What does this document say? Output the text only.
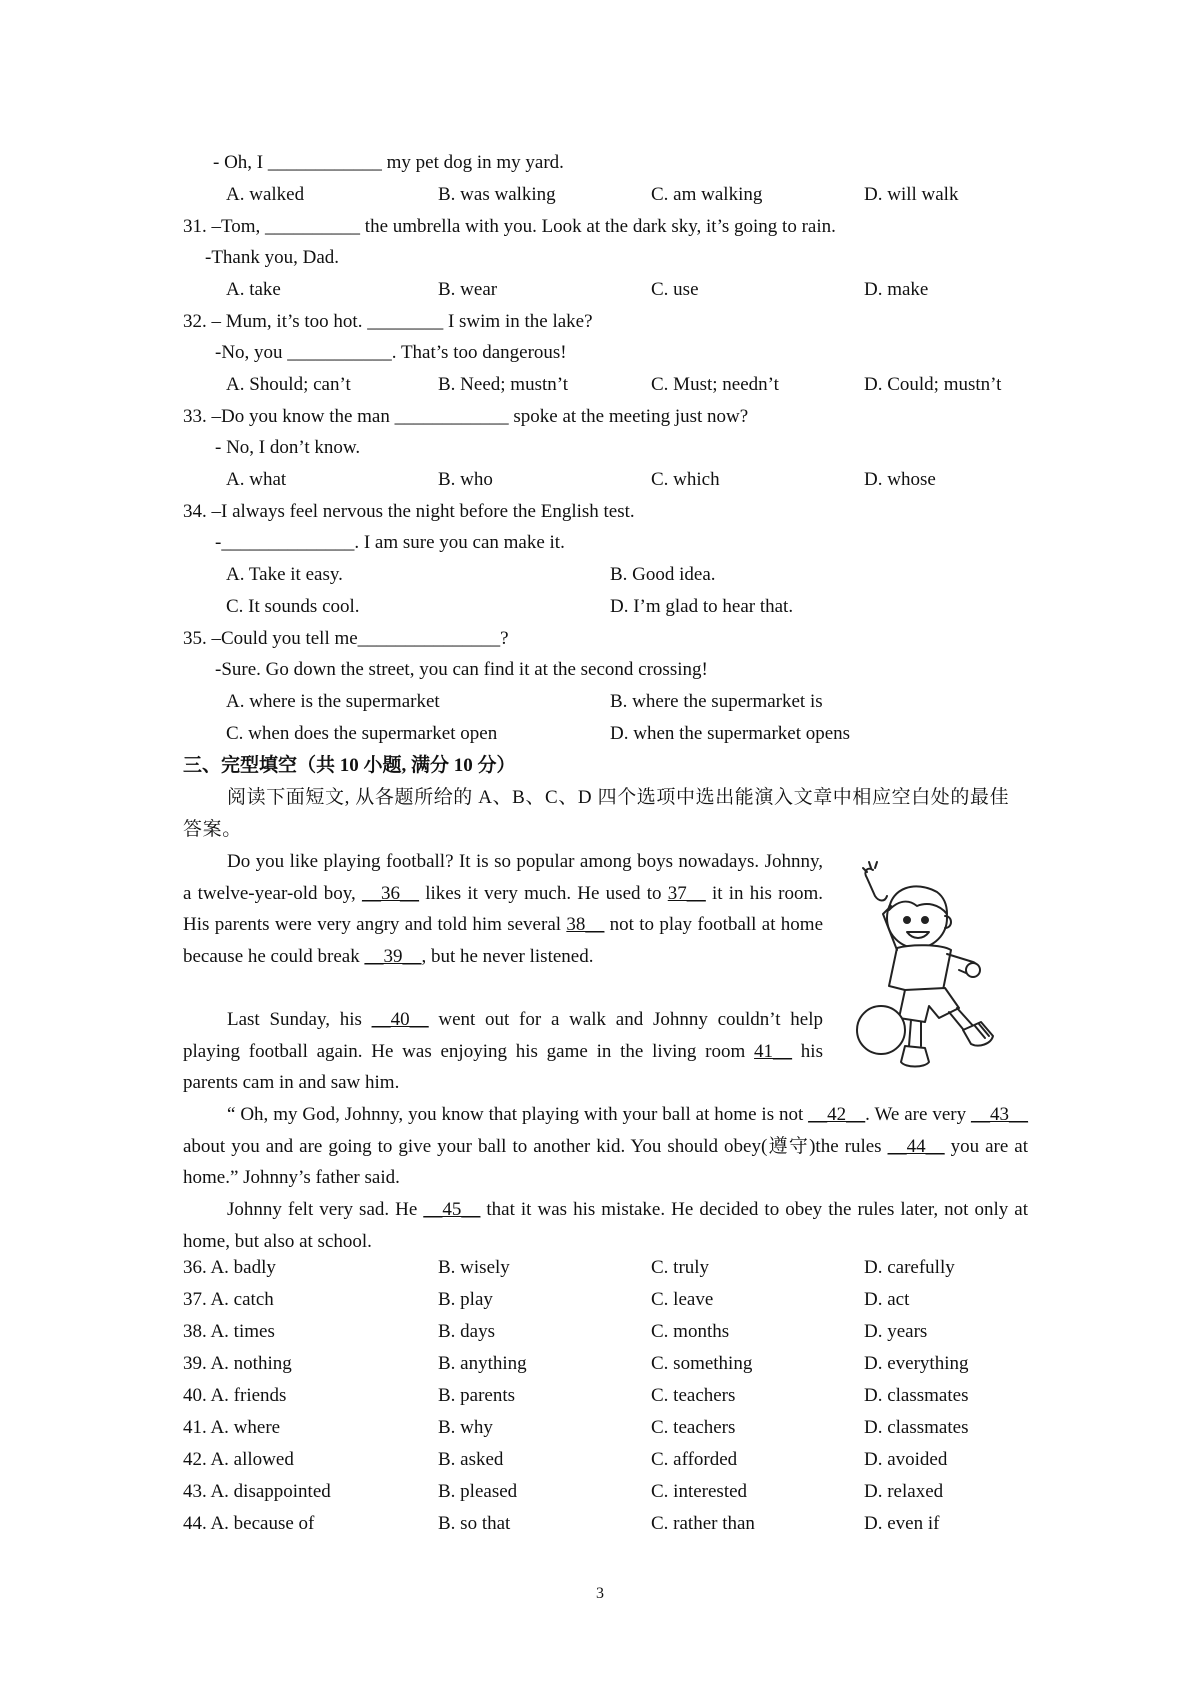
- Oh, I ____________ my pet dog in my yard.
A. walked	B. was walking	C. am walking	D. will walk
31. –Tom, __________ the umbrella with you. Look at the dark sky, it’s going to rain.
-Thank you, Dad.
A. take	B. wear	C. use	D. make
32. – Mum, it’s too hot. ________ I swim in the lake?
-No, you ___________. That’s too dangerous!
A. Should; can’t	B. Need; mustn’t	C. Must; needn’t	D. Could; mustn’t
33. –Do you know the man ____________ spoke at the meeting just now?
- No, I don’t know.
A. what	B. who	C. which	D. whose
34. –I always feel nervous the night before the English test.
-______________. I am sure you can make it.
A. Take it easy.	B. Good idea.
C. It sounds cool.	D. I’m glad to hear that.
35. –Could you tell me_______________?
-Sure. Go down the street, you can find it at the second crossing!
A. where is the supermarket	B. where the supermarket is
C. when does the supermarket open	D. when the supermarket opens
三、完型填空（共 10 小题, 满分 10 分）

阅读下面短文, 从各题所给的 A、B、C、D 四个选项中选出能演入文章中相应空白处的最佳答案。

Do you like playing football? It is so popular among boys nowadays. Johnny, a twelve-year-old boy, __36__ likes it very much. He used to 37__ it in his room. His parents were very angry and told him several 38__ not to play football at home because he could break __39__, but he never listened.

Last Sunday, his __40__ went out for a walk and Johnny couldn’t help playing football again. He was enjoying his game in the living room 41__ his parents cam in and saw him.

“ Oh, my God, Johnny, you know that playing with your ball at home is not __42__. We are very __43__ about you and are going to give your ball to another kid. You should obey(遵守)the rules __44__ you are at home.” Johnny’s father said.

Johnny felt very sad. He __45__ that it was his mistake. He decided to obey the rules later, not only at home, but also at school.

36. A. badly	B. wisely	C. truly	D. carefully
37. A. catch	B. play	C. leave	D. act
38. A. times	B. days	C. months	D. years
39. A. nothing	B. anything	C. something	D. everything
40. A. friends	B. parents	C. teachers	D. classmates
41. A. where	B. why	C. teachers	D. classmates
42. A. allowed	B. asked	C. afforded	D. avoided
43. A. disappointed	B. pleased	C. interested	D. relaxed
44. A. because of	B. so that	C. rather than	D. even if
3
